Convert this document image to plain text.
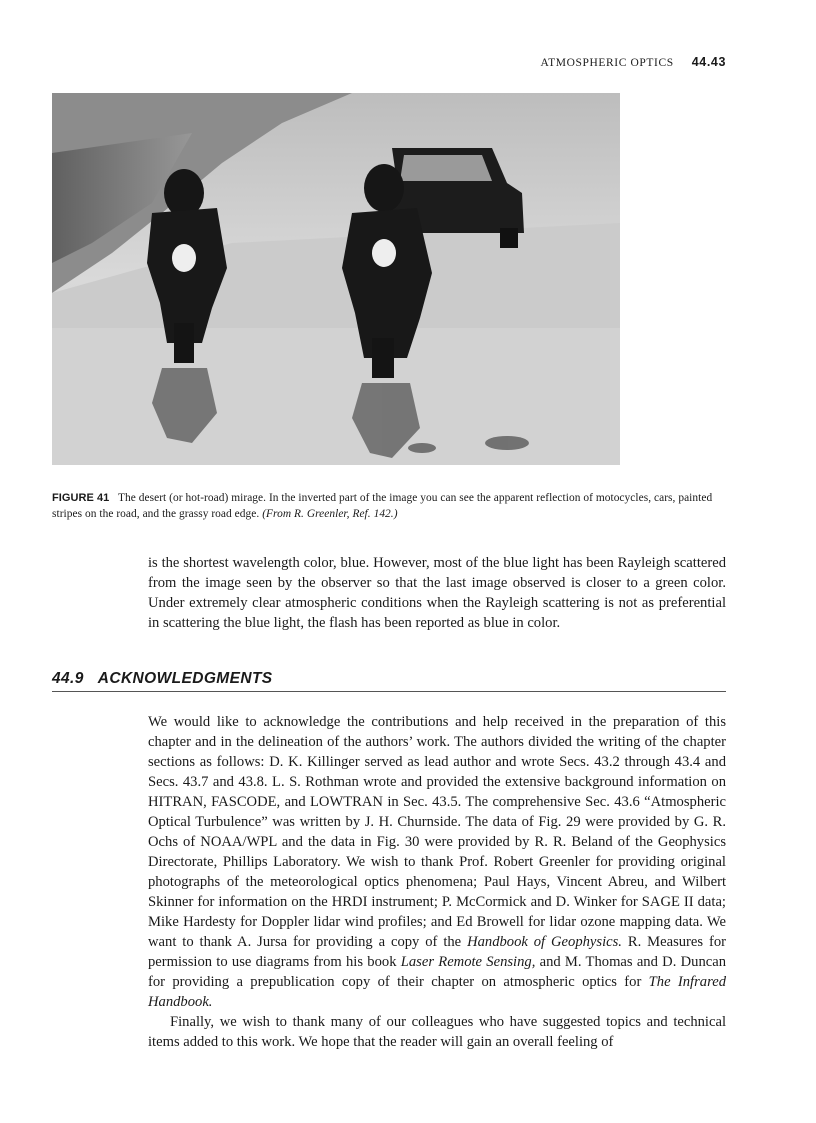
ATMOSPHERIC OPTICS 44.43
FIGURE 41 The desert (or hot-road) mirage. In the inverted part of the image you can see the apparent reflection of motocycles, cars, painted stripes on the road, and the grassy road edge. (From R. Greenler, Ref. 142.)

is the shortest wavelength color, blue. However, most of the blue light has been Rayleigh scattered from the image seen by the observer so that the last image observed is closer to a green color. Under extremely clear atmospheric conditions when the Rayleigh scattering is not as preferential in scattering the blue light, the flash has been reported as blue in color.

44.9 ACKNOWLEDGMENTS

We would like to acknowledge the contributions and help received in the preparation of this chapter and in the delineation of the authors’ work. The authors divided the writing of the chapter sections as follows: D. K. Killinger served as lead author and wrote Secs. 43.2 through 43.4 and Secs. 43.7 and 43.8. L. S. Rothman wrote and provided the extensive background information on HITRAN, FASCODE, and LOWTRAN in Sec. 43.5. The comprehensive Sec. 43.6 “Atmospheric Optical Turbulence” was written by J. H. Churnside. The data of Fig. 29 were provided by G. R. Ochs of NOAA/WPL and the data in Fig. 30 were provided by R. R. Beland of the Geophysics Directorate, Phillips Laboratory. We wish to thank Prof. Robert Greenler for providing original photographs of the meteorological optics phenomena; Paul Hays, Vincent Abreu, and Wilbert Skinner for information on the HRDI instrument; P. McCormick and D. Winker for SAGE II data; Mike Hardesty for Doppler lidar wind profiles; and Ed Browell for lidar ozone mapping data. We want to thank A. Jursa for providing a copy of the Handbook of Geophysics. R. Measures for permission to use diagrams from his book Laser Remote Sensing, and M. Thomas and D. Duncan for providing a prepublication copy of their chapter on atmospheric optics for The Infrared Handbook.

Finally, we wish to thank many of our colleagues who have suggested topics and technical items added to this work. We hope that the reader will gain an overall feeling of
